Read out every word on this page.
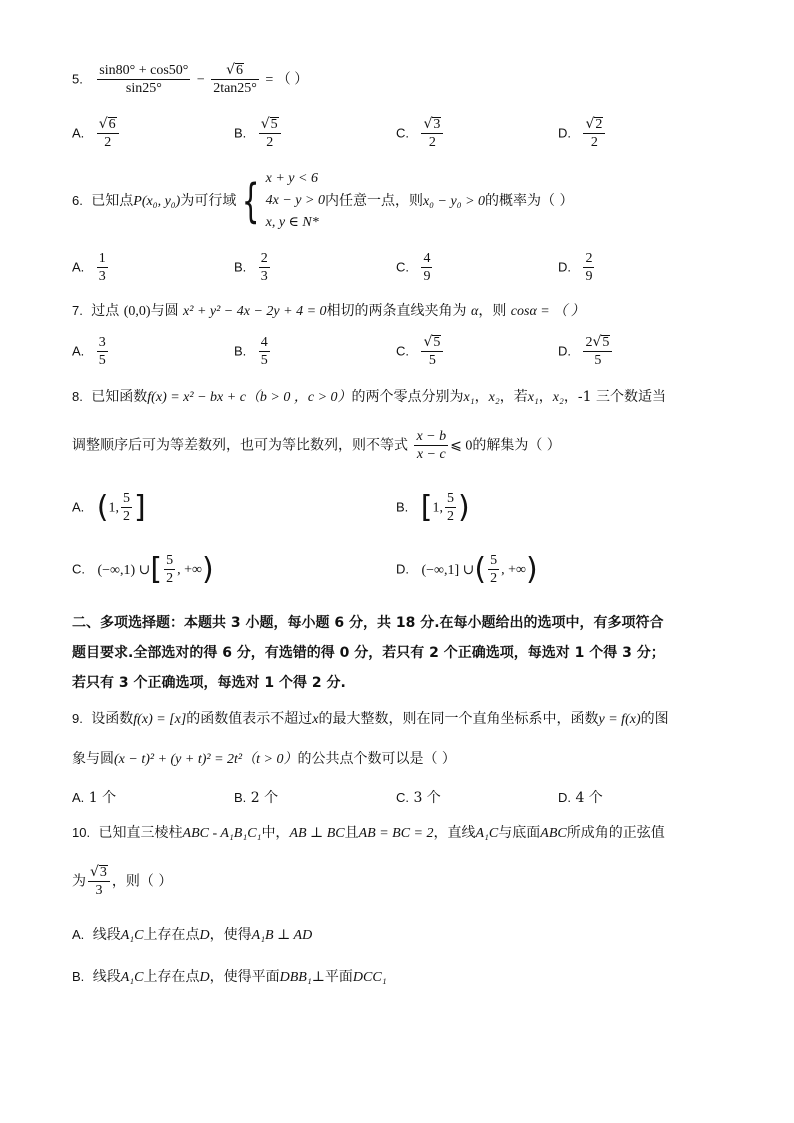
5. $\frac{\sin 80^\circ + \cos 50^\circ}{\sin 25^\circ} - \frac{√6}{2\tan 25^\circ}$ = （ ）
A. $\frac{√6}{2}$	B. $\frac{√5}{2}$	C. $\frac{√3}{2}$	D. $\frac{√2}{2}$
6. 已知点P(x₀, y₀)为可行域 { x + y < 6
4x − y > 0
x, y ∈ N*
内任意一点，则x₀ − y₀ > 0的概率为（ ）
A. $\frac{1}{3}$	B. $\frac{2}{3}$	C. $\frac{4}{9}$	D. $\frac{2}{9}$
7. 过点 (0,0)与圆 x² + y² − 4x − 2y + 4 = 0相切的两条直线夹角为 α，则 cosα = （ ）
A. $\frac{3}{5}$	B. $\frac{4}{5}$	C. $\frac{√5}{5}$	D. $\frac{2√5}{5}$
8. 已知函数f(x) = x² − bx + c（b > 0 ，c > 0）的两个零点分别为x₁，x₂，若x₁，x₂，-1 三个数适当
调整顺序后可为等差数列，也可为等比数列，则不等式 $\frac{x - b}{x - c}$ ⩽ 0的解集为（ ）
A. (1, $\frac{5}{2}$ ]	B. [1, $\frac{5}{2}$ )
C. (−∞,1) ∪[ $\frac{5}{2}$ , +∞)	D. (−∞,1] ∪( $\frac{5}{2}$ , +∞)
二、多项选择题：本题共 3 小题，每小题 6 分，共 18 分.在每小题给出的选项中，有多项符合
题目要求.全部选对的得 6 分，有选错的得 0 分，若只有 2 个正确选项，每选对 1 个得 3 分；
若只有 3 个正确选项，每选对 1 个得 2 分.
9. 设函数f(x) = [x]的函数值表示不超过x的最大整数，则在同一个直角坐标系中，函数y = f(x)的图
象与圆(x − t)² + (y + t)² = 2t²（t > 0）的公共点个数可以是（ ）
A. 1 个	B. 2 个	C. 3 个	D. 4 个
10. 已知直三棱柱ABC - A₁B₁C₁中，AB ⊥ BC且AB = BC = 2，直线A₁C与底面ABC所成角的正弦值
为 $\frac{√3}{3}$ ，则（ ）
A. 线段A₁C上存在点D，使得A₁B ⊥ AD
B. 线段A₁C上存在点D，使得平面DBB₁⊥平面DCC₁
